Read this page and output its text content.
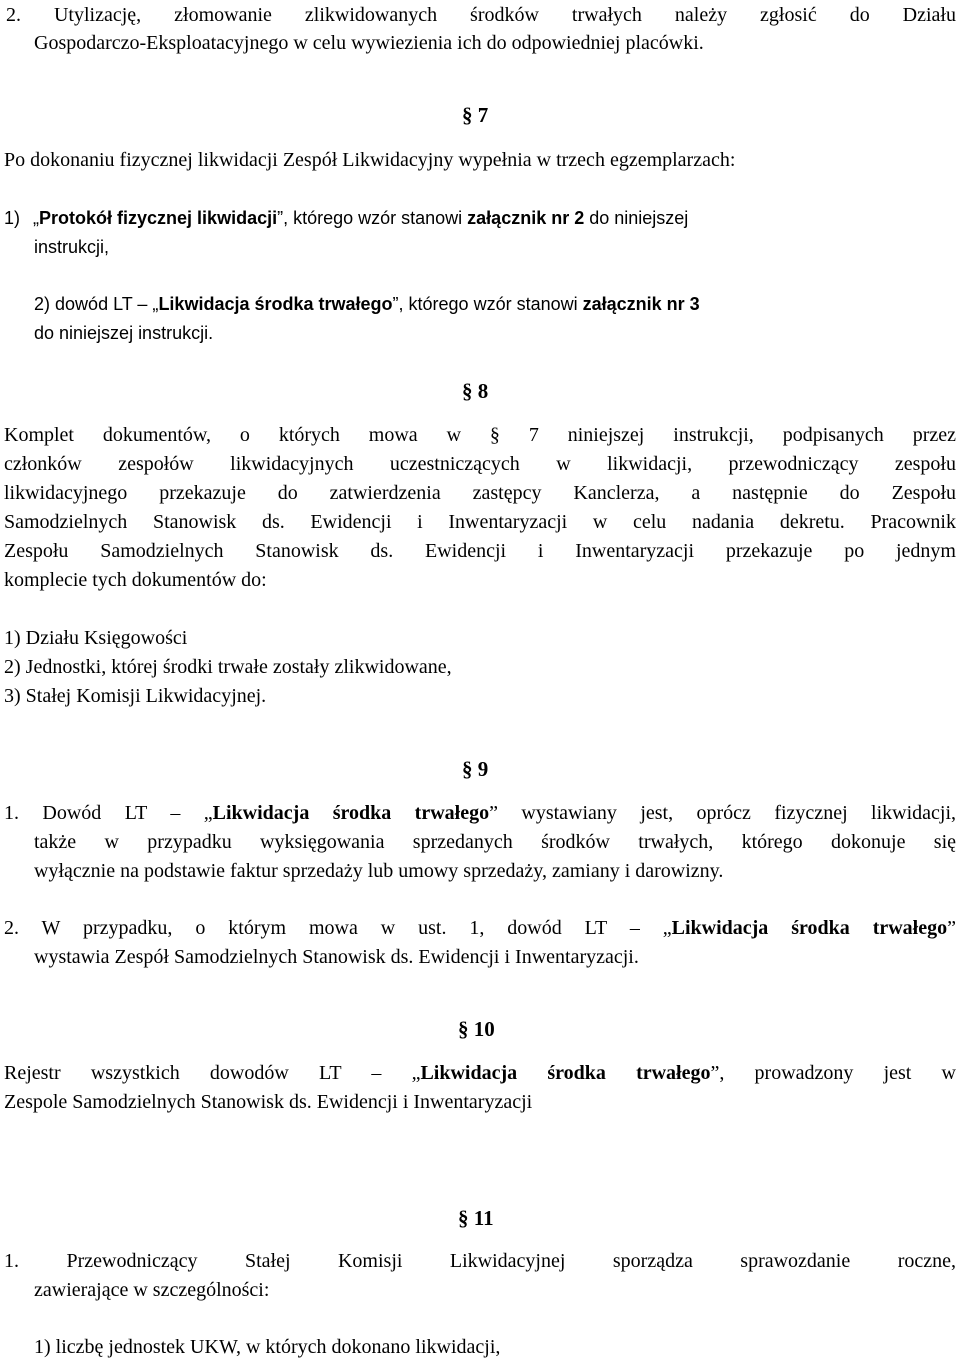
2. Utylizację, złomowanie zlikwidowanych środków trwałych należy zgłosić do Działu
Gospodarczo-Eksploatacyjnego w celu wywiezienia ich do odpowiedniej placówki.
§ 7
Po dokonaniu fizycznej likwidacji Zespół Likwidacyjny wypełnia w trzech egzemplarzach:
1) „Protokół fizycznej likwidacji”, którego wzór stanowi załącznik nr 2 do niniejszej
instrukcji,
2) dowód LT – „Likwidacja środka trwałego”, którego wzór stanowi załącznik nr 3
do niniejszej instrukcji.
§ 8
Komplet dokumentów, o których mowa w § 7 niniejszej instrukcji, podpisanych przez
członków zespołów likwidacyjnych uczestniczących w likwidacji, przewodniczący zespołu
likwidacyjnego przekazuje do zatwierdzenia zastępcy Kanclerza, a następnie do Zespołu
Samodzielnych Stanowisk ds. Ewidencji i Inwentaryzacji w celu nadania dekretu. Pracownik
Zespołu Samodzielnych Stanowisk ds. Ewidencji i Inwentaryzacji przekazuje po jednym
komplecie tych dokumentów do:
1) Działu Księgowości
2) Jednostki, której środki trwałe zostały zlikwidowane,
3) Stałej Komisji Likwidacyjnej.
§ 9
1. Dowód LT – „Likwidacja środka trwałego” wystawiany jest, oprócz fizycznej likwidacji,
także w przypadku wyksięgowania sprzedanych środków trwałych, którego dokonuje się
wyłącznie na podstawie faktur sprzedaży lub umowy sprzedaży, zamiany i darowizny.
2. W przypadku, o którym mowa w ust. 1, dowód LT – „Likwidacja środka trwałego”
wystawia Zespół Samodzielnych Stanowisk ds. Ewidencji i Inwentaryzacji.
§ 10
Rejestr wszystkich dowodów LT – „Likwidacja środka trwałego”, prowadzony jest w
Zespole Samodzielnych Stanowisk ds. Ewidencji i Inwentaryzacji
§ 11
1. Przewodniczący Stałej Komisji Likwidacyjnej sporządza sprawozdanie roczne,
zawierające w szczególności:
1) liczbę jednostek UKW, w których dokonano likwidacji,
